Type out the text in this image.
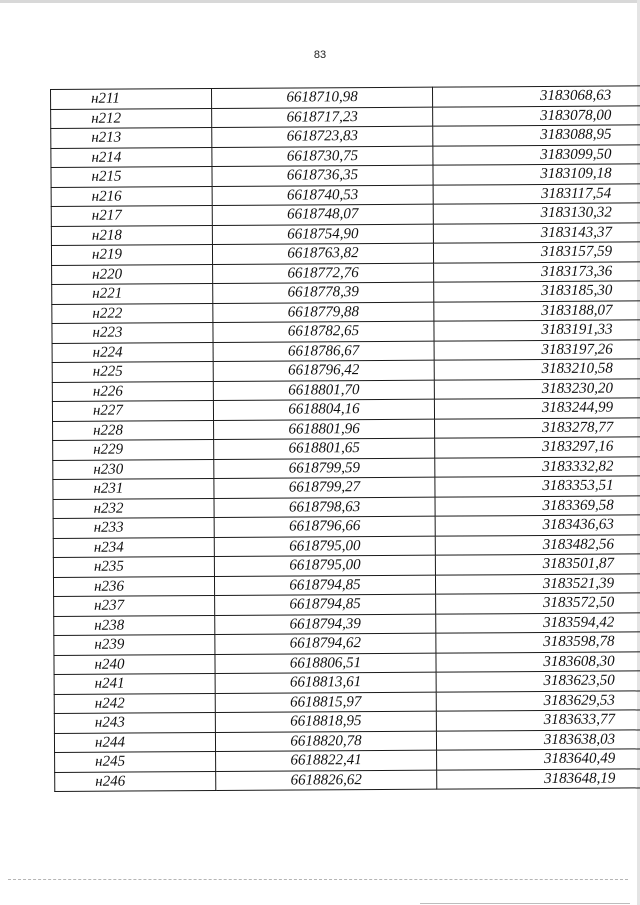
83
н211	6618710,98	3183068,63
н212	6618717,23	3183078,00
н213	6618723,83	3183088,95
н214	6618730,75	3183099,50
н215	6618736,35	3183109,18
н216	6618740,53	3183117,54
н217	6618748,07	3183130,32
н218	6618754,90	3183143,37
н219	6618763,82	3183157,59
н220	6618772,76	3183173,36
н221	6618778,39	3183185,30
н222	6618779,88	3183188,07
н223	6618782,65	3183191,33
н224	6618786,67	3183197,26
н225	6618796,42	3183210,58
н226	6618801,70	3183230,20
н227	6618804,16	3183244,99
н228	6618801,96	3183278,77
н229	6618801,65	3183297,16
н230	6618799,59	3183332,82
н231	6618799,27	3183353,51
н232	6618798,63	3183369,58
н233	6618796,66	3183436,63
н234	6618795,00	3183482,56
н235	6618795,00	3183501,87
н236	6618794,85	3183521,39
н237	6618794,85	3183572,50
н238	6618794,39	3183594,42
н239	6618794,62	3183598,78
н240	6618806,51	3183608,30
н241	6618813,61	3183623,50
н242	6618815,97	3183629,53
н243	6618818,95	3183633,77
н244	6618820,78	3183638,03
н245	6618822,41	3183640,49
н246	6618826,62	3183648,19
